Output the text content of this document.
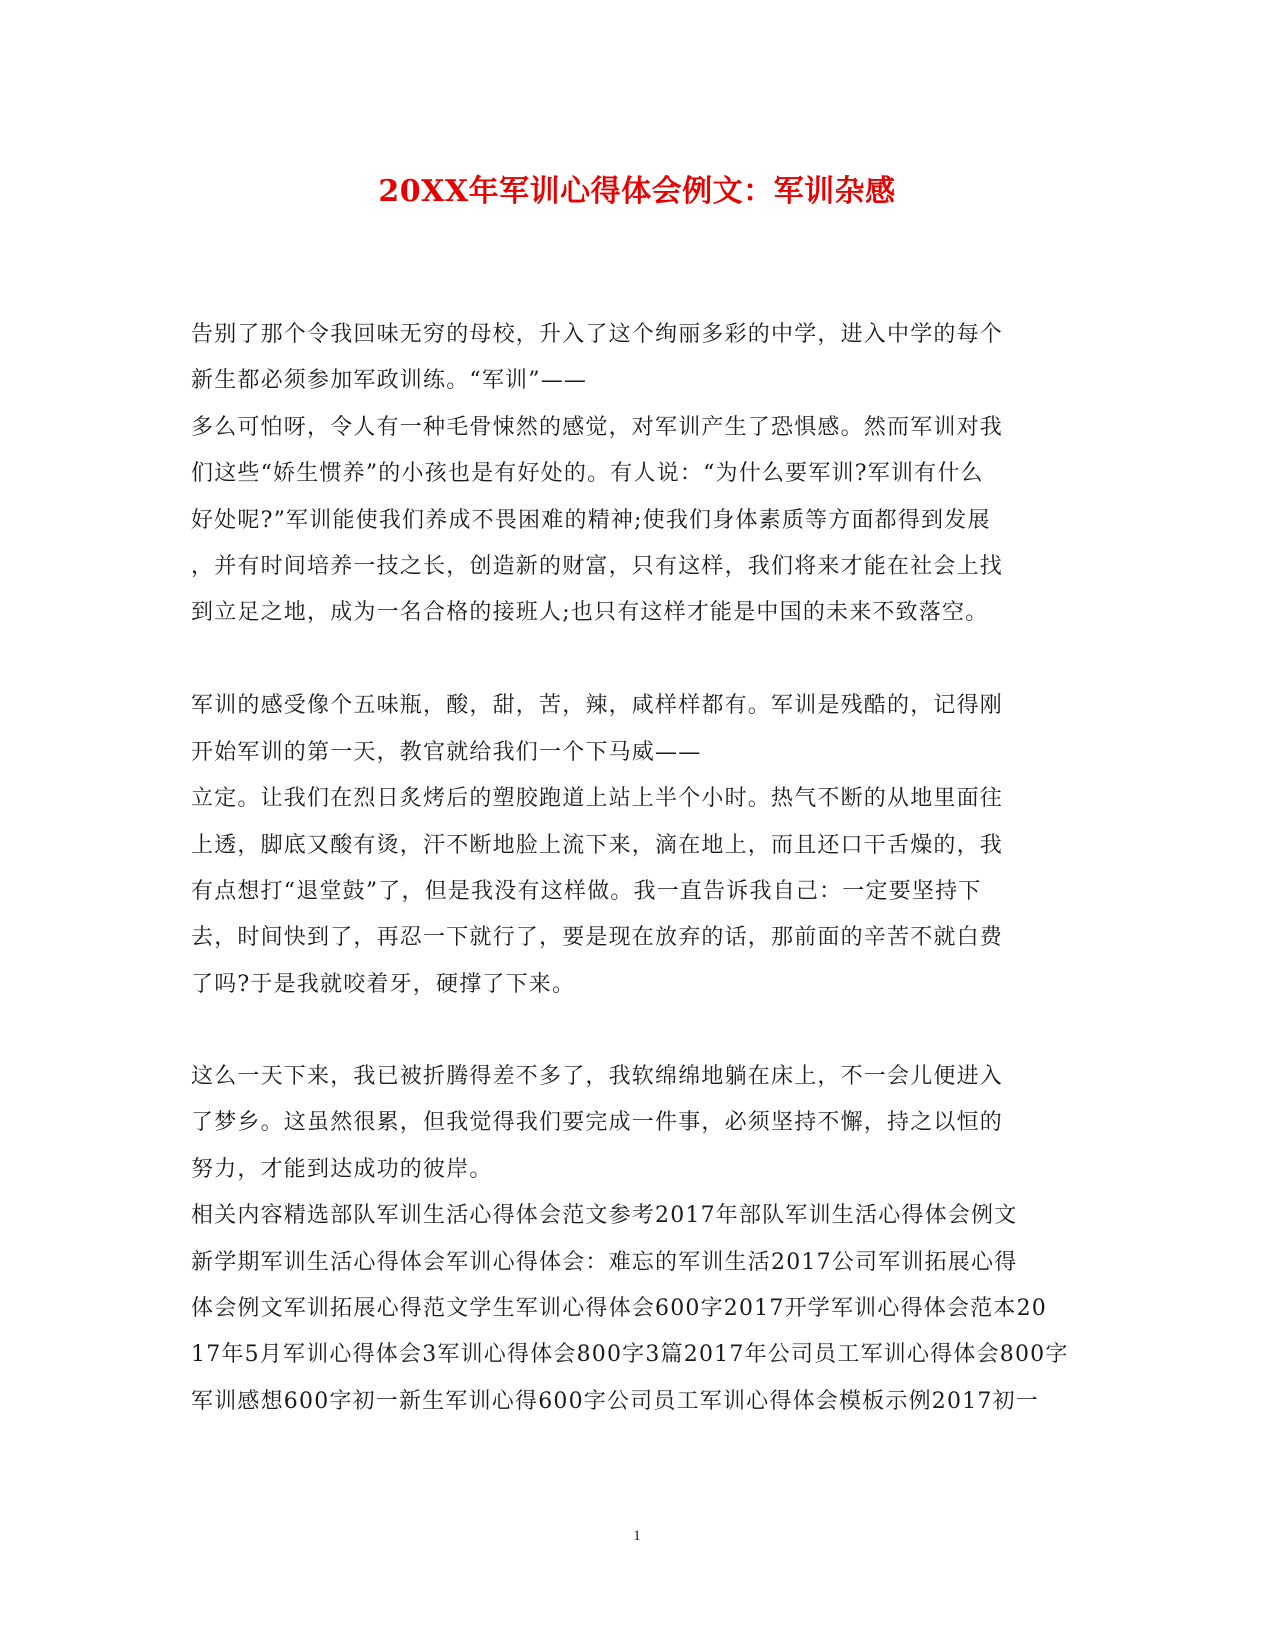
20XX年军训心得体会例文：军训杂感
告别了那个令我回味无穷的母校，升入了这个绚丽多彩的中学，进入中学的每个
新生都必须参加军政训练。“军训”——
多么可怕呀，令人有一种毛骨悚然的感觉，对军训产生了恐惧感。然而军训对我
们这些“娇生惯养”的小孩也是有好处的。有人说：“为什么要军训?军训有什么
好处呢?”军训能使我们养成不畏困难的精神;使我们身体素质等方面都得到发展
，并有时间培养一技之长，创造新的财富，只有这样，我们将来才能在社会上找
到立足之地，成为一名合格的接班人;也只有这样才能是中国的未来不致落空。
军训的感受像个五味瓶，酸，甜，苦，辣，咸样样都有。军训是残酷的，记得刚
开始军训的第一天，教官就给我们一个下马威——
立定。让我们在烈日炙烤后的塑胶跑道上站上半个小时。热气不断的从地里面往
上透，脚底又酸有烫，汗不断地脸上流下来，滴在地上，而且还口干舌燥的，我
有点想打“退堂鼓”了，但是我没有这样做。我一直告诉我自己：一定要坚持下
去，时间快到了，再忍一下就行了，要是现在放弃的话，那前面的辛苦不就白费
了吗?于是我就咬着牙，硬撑了下来。
这么一天下来，我已被折腾得差不多了，我软绵绵地躺在床上，不一会儿便进入
了梦乡。这虽然很累，但我觉得我们要完成一件事，必须坚持不懈，持之以恒的
努力，才能到达成功的彼岸。
相关内容精选部队军训生活心得体会范文参考2017年部队军训生活心得体会例文
新学期军训生活心得体会军训心得体会：难忘的军训生活2017公司军训拓展心得
体会例文军训拓展心得范文学生军训心得体会600字2017开学军训心得体会范本20
17年5月军训心得体会3军训心得体会800字3篇2017年公司员工军训心得体会800字
军训感想600字初一新生军训心得600字公司员工军训心得体会模板示例2017初一
1
